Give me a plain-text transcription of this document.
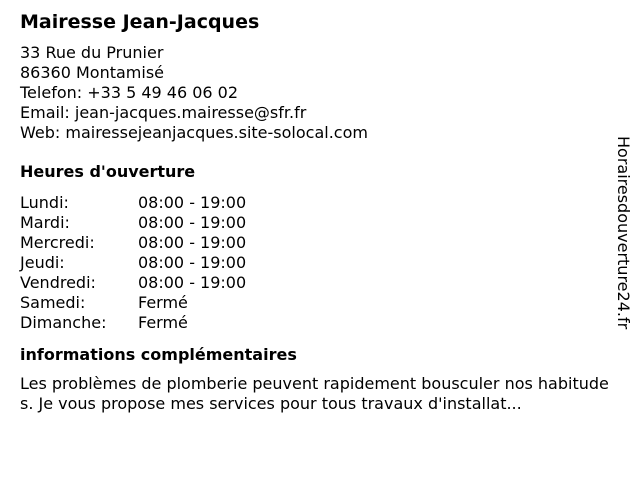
Mairesse Jean-Jacques
33 Rue du Prunier
86360 Montamisé
Telefon: +33 5 49 46 06 02
Email: jean-jacques.mairesse@sfr.fr
Web: mairessejeanjacques.site-solocal.com
Heures d'ouverture
Lundi:	08:00 - 19:00
Mardi:	08:00 - 19:00
Mercredi:	08:00 - 19:00
Jeudi:	08:00 - 19:00
Vendredi:	08:00 - 19:00
Samedi:	Fermé
Dimanche:	Fermé
informations complémentaires
Les problèmes de plomberie peuvent rapidement bousculer nos habitudes. Je vous propose mes services pour tous travaux d'installat...
Horairesdouverture24.fr
